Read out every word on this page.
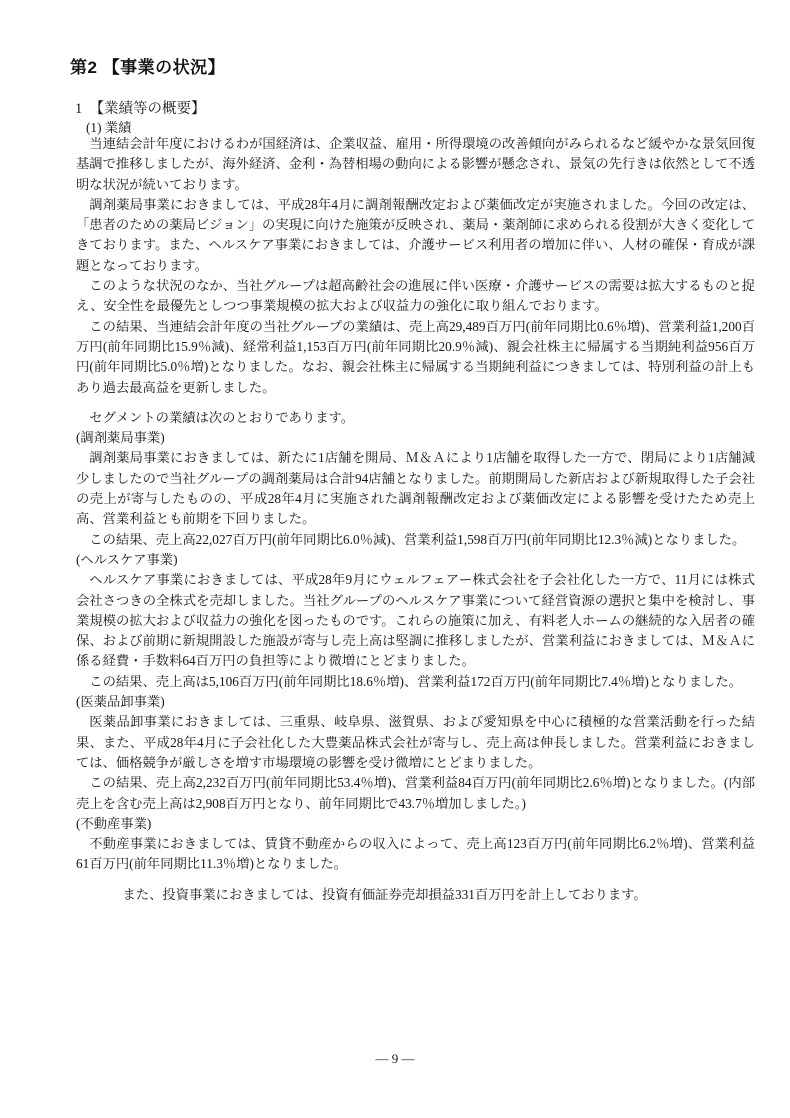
第2 【事業の状況】
1　【業績等の概要】
(1) 業績

当連結会計年度におけるわが国経済は、企業収益、雇用・所得環境の改善傾向がみられるなど緩やかな景気回復基調で推移しましたが、海外経済、金利・為替相場の動向による影響が懸念され、景気の先行きは依然として不透明な状況が続いております。

調剤薬局事業におきましては、平成28年4月に調剤報酬改定および薬価改定が実施されました。今回の改定は、「患者のための薬局ビジョン」の実現に向けた施策が反映され、薬局・薬剤師に求められる役割が大きく変化してきております。また、ヘルスケア事業におきましては、介護サービス利用者の増加に伴い、人材の確保・育成が課題となっております。

このような状況のなか、当社グループは超高齢社会の進展に伴い医療・介護サービスの需要は拡大するものと捉え、安全性を最優先としつつ事業規模の拡大および収益力の強化に取り組んでおります。

この結果、当連結会計年度の当社グループの業績は、売上高29,489百万円(前年同期比0.6％増)、営業利益1,200百万円(前年同期比15.9％減)、経常利益1,153百万円(前年同期比20.9％減)、親会社株主に帰属する当期純利益956百万円(前年同期比5.0％増)となりました。なお、親会社株主に帰属する当期純利益につきましては、特別利益の計上もあり過去最高益を更新しました。

セグメントの業績は次のとおりであります。

(調剤薬局事業)

調剤薬局事業におきましては、新たに1店舗を開局、Ｍ＆Ａにより1店舗を取得した一方で、閉局により1店舗減少しましたので当社グループの調剤薬局は合計94店舗となりました。前期開局した新店および新規取得した子会社の売上が寄与したものの、平成28年4月に実施された調剤報酬改定および薬価改定による影響を受けたため売上高、営業利益とも前期を下回りました。

この結果、売上高22,027百万円(前年同期比6.0％減)、営業利益1,598百万円(前年同期比12.3％減)となりました。

(ヘルスケア事業)

ヘルスケア事業におきましては、平成28年9月にウェルフェアー株式会社を子会社化した一方で、11月には株式会社さつきの全株式を売却しました。当社グループのヘルスケア事業について経営資源の選択と集中を検討し、事業規模の拡大および収益力の強化を図ったものです。これらの施策に加え、有料老人ホームの継続的な入居者の確保、および前期に新規開設した施設が寄与し売上高は堅調に推移しましたが、営業利益におきましては、Ｍ＆Ａに係る経費・手数料64百万円の負担等により微増にとどまりました。

この結果、売上高は5,106百万円(前年同期比18.6％増)、営業利益172百万円(前年同期比7.4％増)となりました。

(医薬品卸事業)

医薬品卸事業におきましては、三重県、岐阜県、滋賀県、および愛知県を中心に積極的な営業活動を行った結果、また、平成28年4月に子会社化した大豊薬品株式会社が寄与し、売上高は伸長しました。営業利益におきましては、価格競争が厳しさを増す市場環境の影響を受け微増にとどまりました。

この結果、売上高2,232百万円(前年同期比53.4％増)、営業利益84百万円(前年同期比2.6％増)となりました。(内部売上を含む売上高は2,908百万円となり、前年同期比で43.7％増加しました。)

(不動産事業)

不動産事業におきましては、賃貸不動産からの収入によって、売上高123百万円(前年同期比6.2％増)、営業利益61百万円(前年同期比11.3％増)となりました。

また、投資事業におきましては、投資有価証券売却損益331百万円を計上しております。

― 9 ―
